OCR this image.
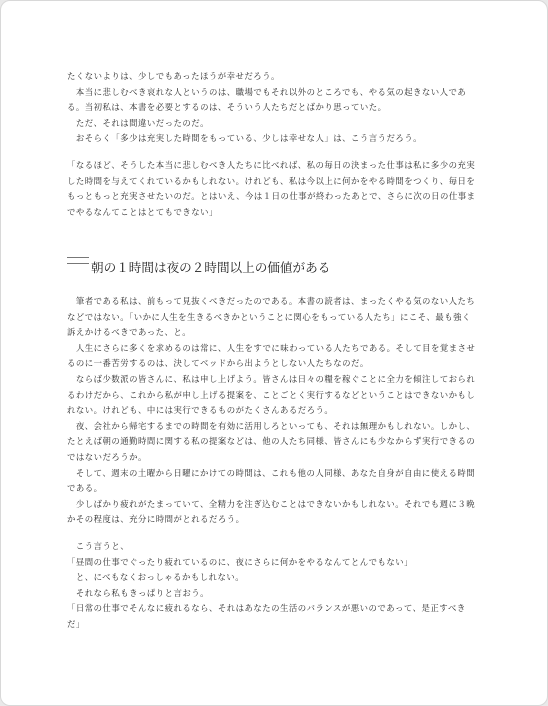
たくないよりは、少しでもあったほうが幸せだろう。
　本当に悲しむべき哀れな人というのは、職場でもそれ以外のところでも、やる気の起きない人であ
る。当初私は、本書を必要とするのは、そういう人たちだとばかり思っていた。
　ただ、それは間違いだったのだ。
　おそらく「多少は充実した時間をもっている、少しは幸せな人」は、こう言うだろう。
「なるほど、そうした本当に悲しむべき人たちに比べれば、私の毎日の決まった仕事は私に多少の充実
した時間を与えてくれているかもしれない。けれども、私は今以上に何かをやる時間をつくり、毎日を
もっともっと充実させたいのだ。とはいえ、今は１日の仕事が終わったあとで、さらに次の日の仕事ま
でやるなんてことはとてもできない」
朝の１時間は夜の２時間以上の価値がある
　筆者である私は、前もって見抜くべきだったのである。本書の読者は、まったくやる気のない人たち
などではない。「いかに人生を生きるべきかということに関心をもっている人たち」にこそ、最も強く
訴えかけるべきであった、と。
　人生にさらに多くを求めるのは常に、人生をすでに味わっている人たちである。そして目を覚まさせ
るのに一番苦労するのは、決してベッドから出ようとしない人たちなのだ。
　ならば少数派の皆さんに、私は申し上げよう。皆さんは日々の糧を稼ぐことに全力を傾注しておられ
るわけだから、これから私が申し上げる提案を、ことごとく実行するなどということはできないかもし
れない。けれども、中には実行できるものがたくさんあるだろう。
　夜、会社から帰宅するまでの時間を有効に活用しろといっても、それは無理かもしれない。しかし、
たとえば朝の通勤時間に関する私の提案などは、他の人たち同様、皆さんにも少なからず実行できるの
ではないだろうか。
　そして、週末の土曜から日曜にかけての時間は、これも他の人同様、あなた自身が自由に使える時間
である。
　少しばかり疲れがたまっていて、全精力を注ぎ込むことはできないかもしれない。それでも週に３晩
かその程度は、充分に時間がとれるだろう。
　こう言うと、
「昼間の仕事でぐったり疲れているのに、夜にさらに何かをやるなんてとんでもない」
　と、にべもなくおっしゃるかもしれない。
　それなら私もきっぱりと言おう。
「日常の仕事でそんなに疲れるなら、それはあなたの生活のバランスが悪いのであって、是正すべき
だ」
